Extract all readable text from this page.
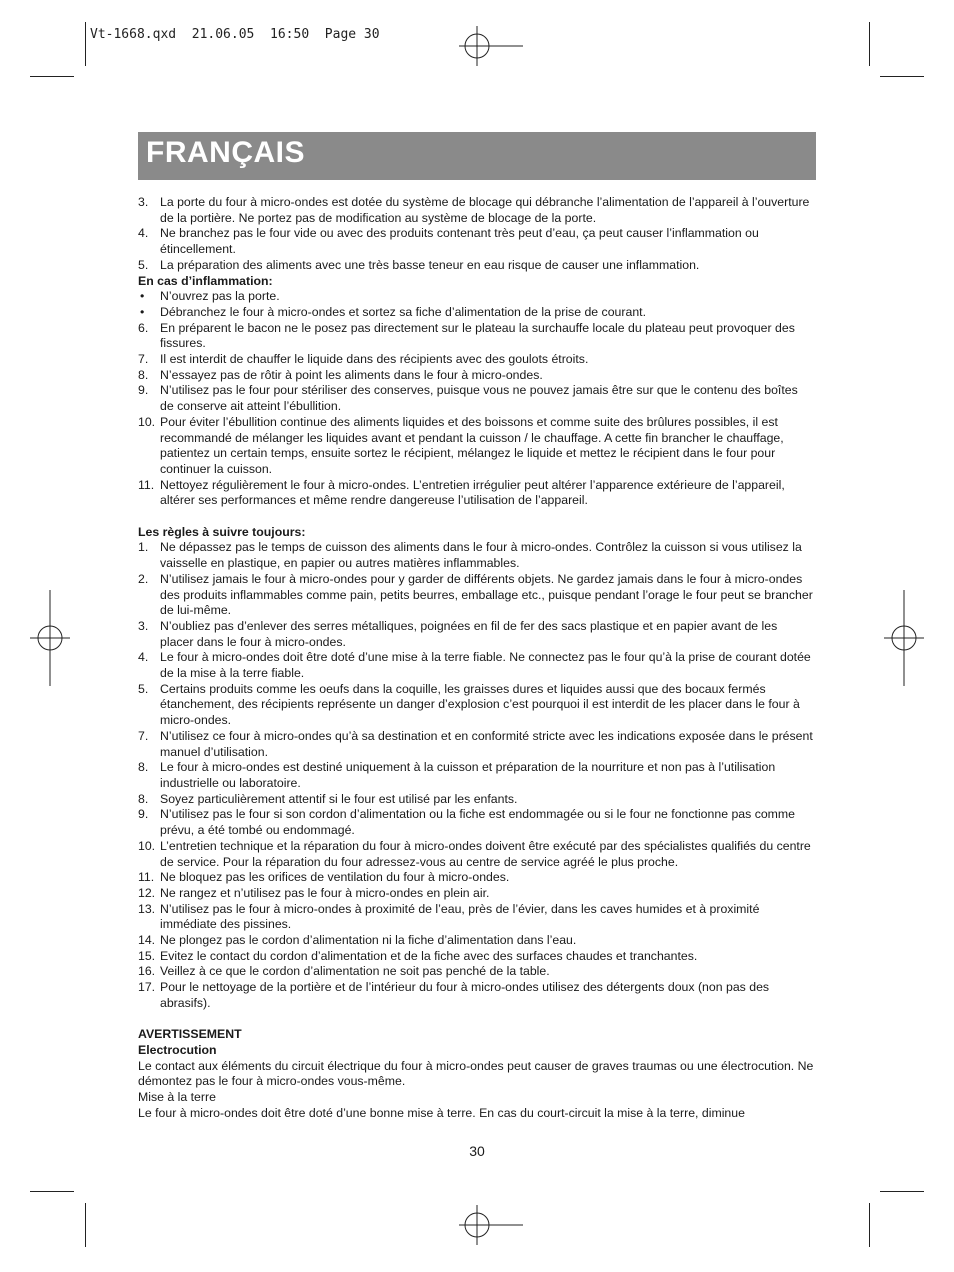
Vt-1668.qxd  21.06.05  16:50  Page 30
FRANÇAIS
3. La porte du four à micro-ondes est dotée du système de blocage qui débranche l’alimentation de l’appareil à l’ouverture de la portière. Ne portez pas de modification au système de blocage de la porte.
4. Ne branchez pas le four vide ou avec des produits contenant très peut d’eau, ça peut causer l’inflammation ou étincellement.
5. La préparation des aliments avec une très basse teneur en eau risque de causer une inflammation.
En cas d’inflammation:
•	N’ouvrez pas la porte.
•	Débranchez le four à micro-ondes et sortez sa fiche d’alimentation de la prise de courant.
6. En préparent le bacon ne le posez pas directement sur le plateau la surchauffe locale du plateau peut provoquer des fissures.
7. Il est interdit de chauffer le liquide dans des récipients avec des goulots étroits.
8. N’essayez pas de rôtir à point les aliments dans le four à micro-ondes.
9. N’utilisez pas le four pour stériliser des conserves, puisque vous ne pouvez jamais être sur que le contenu des boîtes de conserve ait atteint l’ébullition.
10. Pour éviter l’ébullition continue des aliments liquides et des boissons et comme suite des brûlures possibles, il est recommandé de mélanger les liquides avant et pendant la cuisson / le chauffage. A cette fin brancher le chauffage, patientez un certain temps, ensuite sortez le récipient, mélangez le liquide et mettez le récipient dans le four pour continuer la cuisson.
11. Nettoyez régulièrement le four à micro-ondes. L’entretien irrégulier peut altérer l’apparence extérieure de l’appareil, altérer ses performances et même rendre dangereuse l’utilisation de l’appareil.
Les règles à suivre toujours:
1. Ne dépassez pas le temps de cuisson des aliments dans le four à micro-ondes. Contrôlez la cuisson si vous utilisez la vaisselle en plastique, en papier ou autres matières inflammables.
2. N’utilisez jamais le four à micro-ondes pour y garder de différents objets. Ne gardez jamais dans le four à micro-ondes des produits inflammables comme pain, petits beurres, emballage etc., puisque pendant l’orage le four peut se brancher de lui-même.
3. N’oubliez pas d’enlever des serres métalliques, poignées en fil de fer des sacs plastique et en papier avant de les placer dans le four à micro-ondes.
4. Le four à micro-ondes doit être doté d’une mise à la terre fiable. Ne connectez pas le four qu’à la prise de courant dotée de la mise à la terre fiable.
5. Certains produits comme les oeufs dans la coquille, les graisses dures et liquides aussi que des bocaux fermés étanchement, des récipients représente un danger d’explosion c’est pourquoi il est interdit de les placer dans le four à micro-ondes.
7. N’utilisez ce four à micro-ondes qu’à sa destination et en conformité stricte avec les indications exposée dans le présent manuel d’utilisation.
8. Le four à micro-ondes est destiné uniquement à la cuisson et préparation de la nourriture et non pas à l’utilisation industrielle ou laboratoire.
8. Soyez particulièrement attentif si le four est utilisé par les enfants.
9. N’utilisez pas le four si son cordon d’alimentation ou la fiche est endommagée ou si le four ne fonctionne pas comme prévu, a été tombé ou endommagé.
10. L’entretien technique et la réparation du four à micro-ondes doivent être exécuté par des spécialistes qualifiés du centre de service. Pour la réparation du four adressez-vous au centre de service agréé le plus proche.
11. Ne bloquez pas les orifices de ventilation du four à micro-ondes.
12. Ne rangez et n’utilisez pas le four à micro-ondes en plein air.
13. N’utilisez pas le four à micro-ondes à proximité de l’eau, près de l’évier, dans les caves humides et à proximité immédiate des pissines.
14. Ne plongez pas le cordon d’alimentation ni la fiche d’alimentation dans l’eau.
15. Evitez le contact du cordon d’alimentation et de la fiche avec des surfaces chaudes et tranchantes.
16. Veillez à ce que le cordon d’alimentation ne soit pas penché de la table.
17. Pour le nettoyage de la portière et de l’intérieur du four à micro-ondes utilisez des détergents doux (non pas des abrasifs).
AVERTISSEMENT
Electrocution
Le contact aux éléments du circuit électrique du four à micro-ondes peut causer de graves traumas ou une électrocution. Ne démontez pas le four à micro-ondes vous-même.
Mise à la terre
Le four à micro-ondes doit être doté d’une bonne mise à terre. En cas du court-circuit la mise à la terre, diminue
30
